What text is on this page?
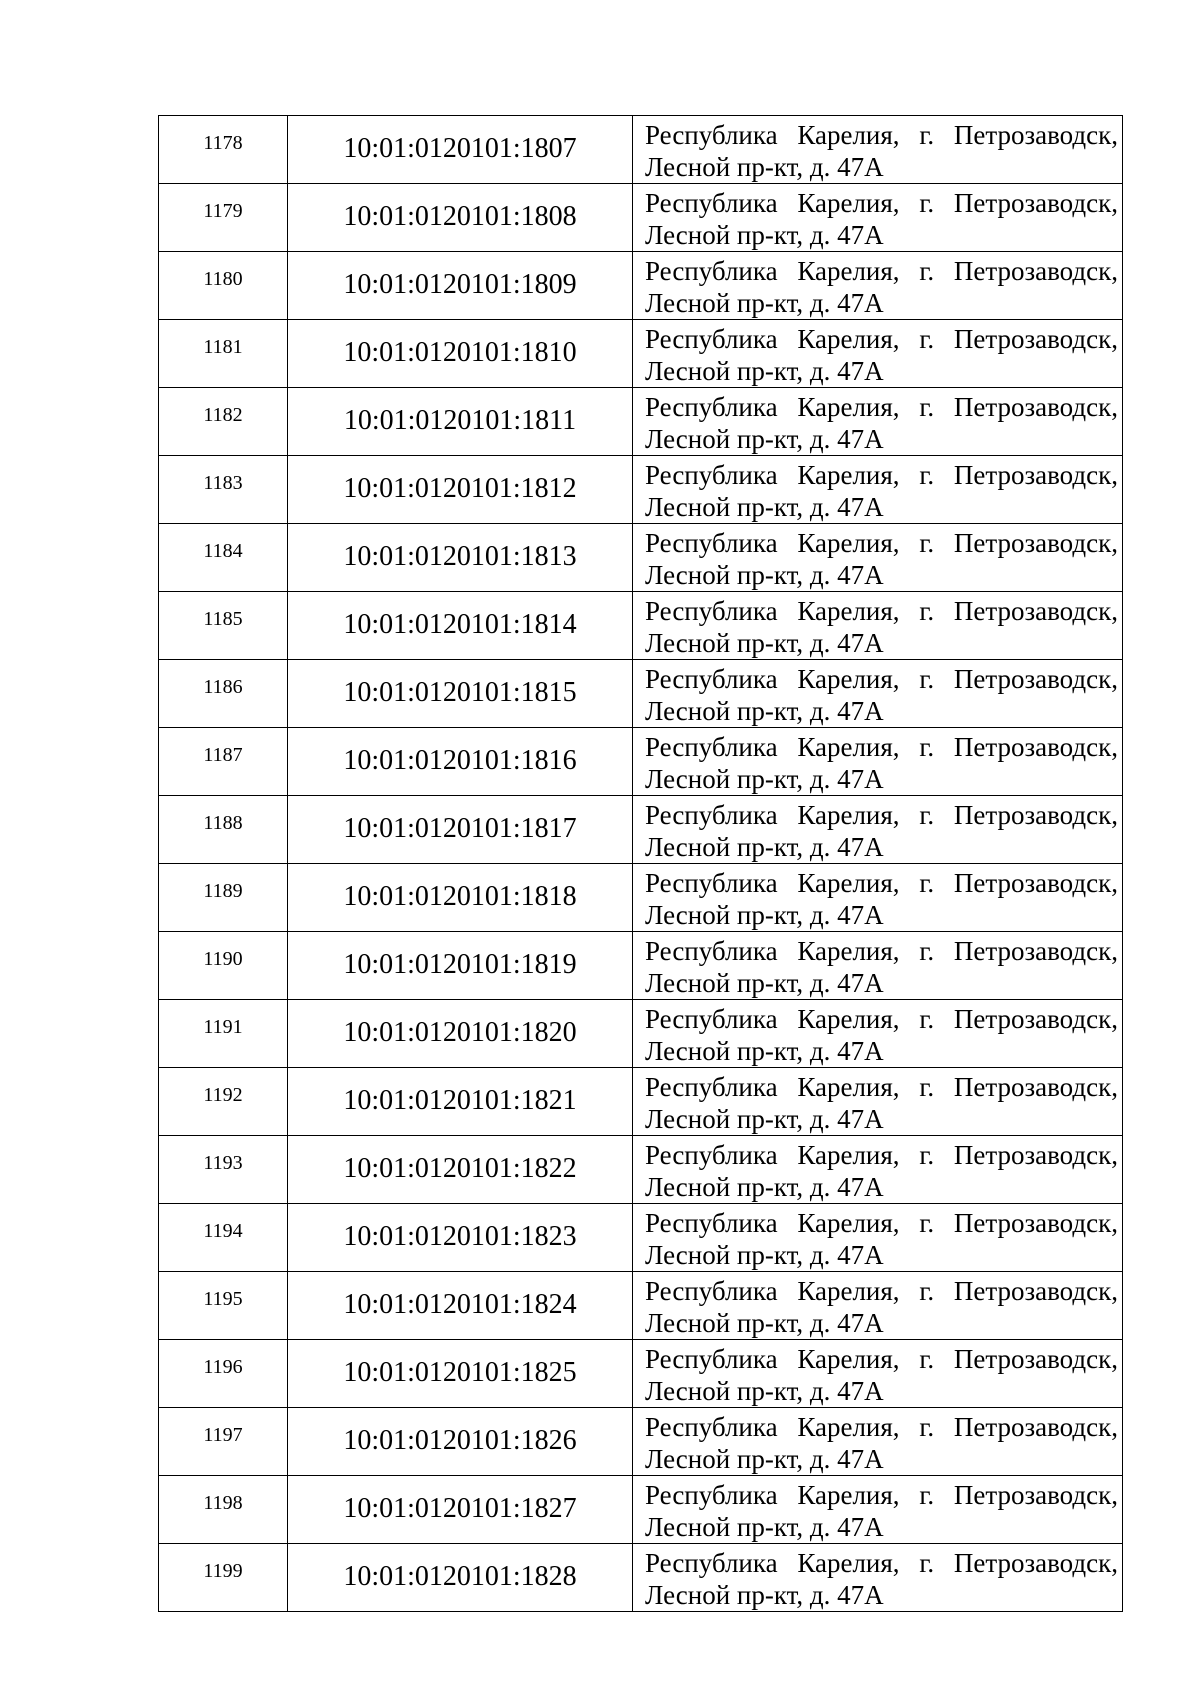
1178	10:01:0120101:1807	Республика Карелия, г. Петрозаводск,
Лесной пр-кт, д. 47А

1179	10:01:0120101:1808	Республика Карелия, г. Петрозаводск,
Лесной пр-кт, д. 47А

1180	10:01:0120101:1809	Республика Карелия, г. Петрозаводск,
Лесной пр-кт, д. 47А

1181	10:01:0120101:1810	Республика Карелия, г. Петрозаводск,
Лесной пр-кт, д. 47А

1182	10:01:0120101:1811	Республика Карелия, г. Петрозаводск,
Лесной пр-кт, д. 47А

1183	10:01:0120101:1812	Республика Карелия, г. Петрозаводск,
Лесной пр-кт, д. 47А

1184	10:01:0120101:1813	Республика Карелия, г. Петрозаводск,
Лесной пр-кт, д. 47А

1185	10:01:0120101:1814	Республика Карелия, г. Петрозаводск,
Лесной пр-кт, д. 47А

1186	10:01:0120101:1815	Республика Карелия, г. Петрозаводск,
Лесной пр-кт, д. 47А

1187	10:01:0120101:1816	Республика Карелия, г. Петрозаводск,
Лесной пр-кт, д. 47А

1188	10:01:0120101:1817	Республика Карелия, г. Петрозаводск,
Лесной пр-кт, д. 47А

1189	10:01:0120101:1818	Республика Карелия, г. Петрозаводск,
Лесной пр-кт, д. 47А

1190	10:01:0120101:1819	Республика Карелия, г. Петрозаводск,
Лесной пр-кт, д. 47А

1191	10:01:0120101:1820	Республика Карелия, г. Петрозаводск,
Лесной пр-кт, д. 47А

1192	10:01:0120101:1821	Республика Карелия, г. Петрозаводск,
Лесной пр-кт, д. 47А

1193	10:01:0120101:1822	Республика Карелия, г. Петрозаводск,
Лесной пр-кт, д. 47А

1194	10:01:0120101:1823	Республика Карелия, г. Петрозаводск,
Лесной пр-кт, д. 47А

1195	10:01:0120101:1824	Республика Карелия, г. Петрозаводск,
Лесной пр-кт, д. 47А

1196	10:01:0120101:1825	Республика Карелия, г. Петрозаводск,
Лесной пр-кт, д. 47А

1197	10:01:0120101:1826	Республика Карелия, г. Петрозаводск,
Лесной пр-кт, д. 47А

1198	10:01:0120101:1827	Республика Карелия, г. Петрозаводск,
Лесной пр-кт, д. 47А

1199	10:01:0120101:1828	Республика Карелия, г. Петрозаводск,
Лесной пр-кт, д. 47А
